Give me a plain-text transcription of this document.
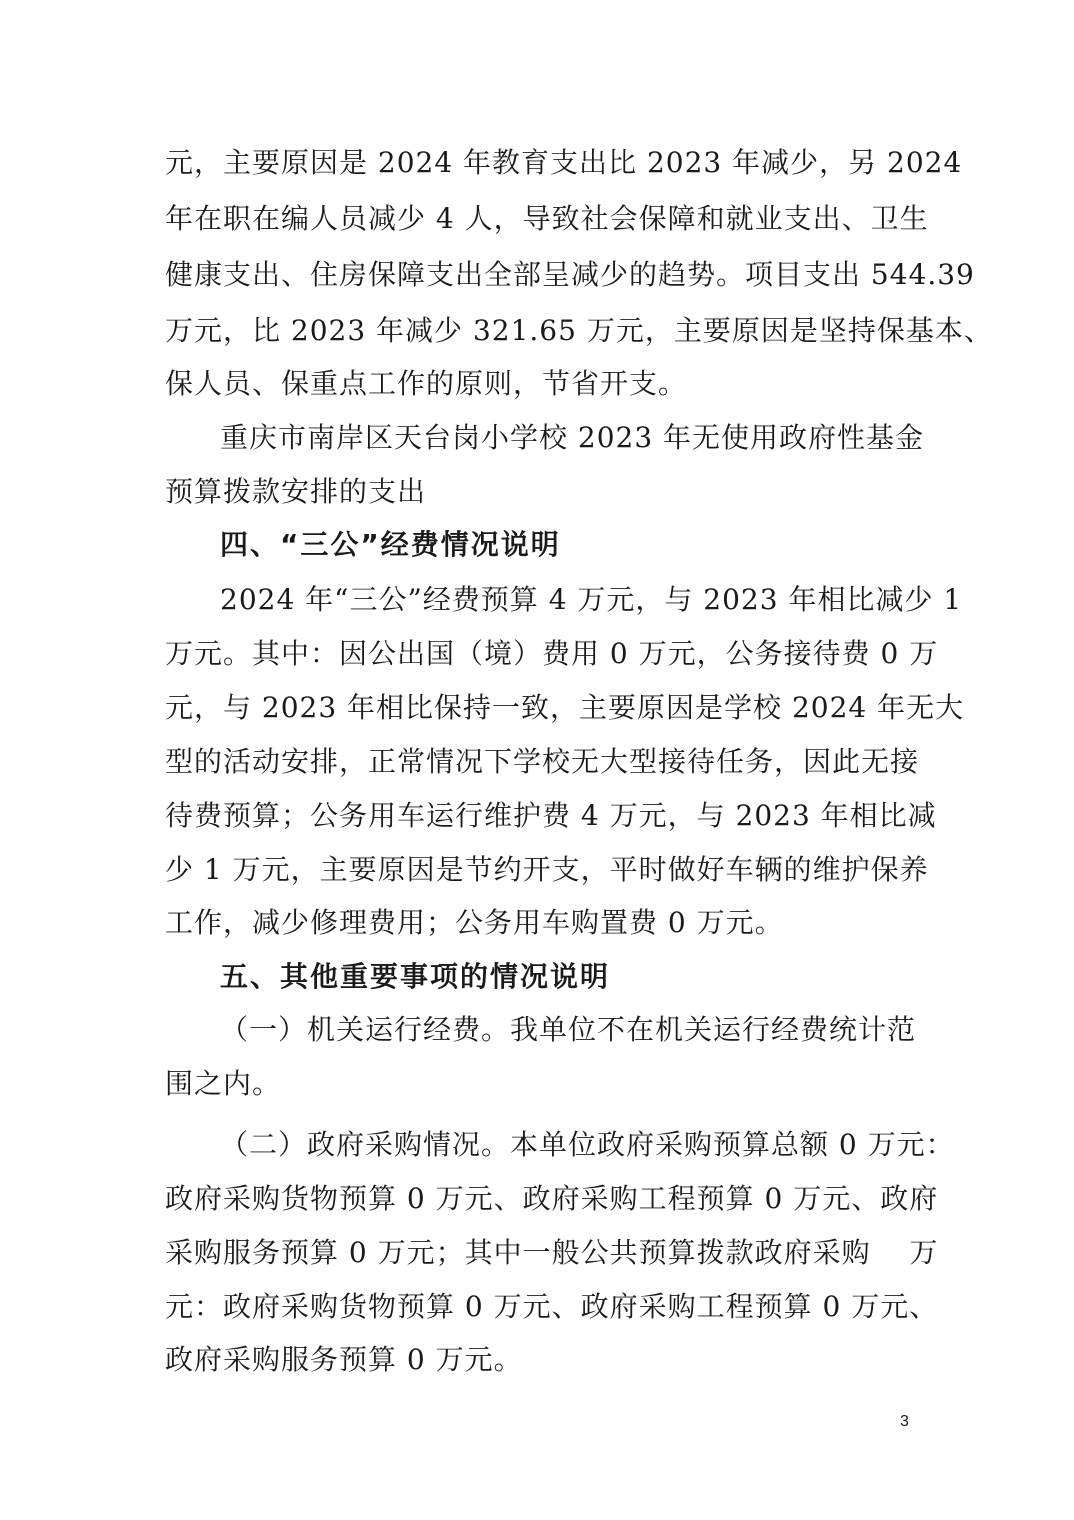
元，主要原因是 2024 年教育支出比 2023 年减少，另 2024
年在职在编人员减少 4 人，导致社会保障和就业支出、卫生
健康支出、住房保障支出全部呈减少的趋势。项目支出 544.39
万元，比 2023 年减少 321.65 万元，主要原因是坚持保基本、
保人员、保重点工作的原则，节省开支。
重庆市南岸区天台岗小学校 2023 年无使用政府性基金
预算拨款安排的支出
四、“三公”经费情况说明
2024 年“三公”经费预算 4 万元，与 2023 年相比减少 1
万元。其中：因公出国（境）费用 0 万元，公务接待费 0 万
元，与 2023 年相比保持一致，主要原因是学校 2024 年无大
型的活动安排，正常情况下学校无大型接待任务，因此无接
待费预算；公务用车运行维护费 4 万元，与 2023 年相比减
少 1 万元，主要原因是节约开支，平时做好车辆的维护保养
工作，减少修理费用；公务用车购置费 0 万元。
五、其他重要事项的情况说明
（一）机关运行经费。我单位不在机关运行经费统计范
围之内。
（二）政府采购情况。本单位政府采购预算总额 0 万元：
政府采购货物预算 0 万元、政府采购工程预算 0 万元、政府
采购服务预算 0 万元；其中一般公共预算拨款政府采购　 万
元：政府采购货物预算 0 万元、政府采购工程预算 0 万元、
政府采购服务预算 0 万元。
3
